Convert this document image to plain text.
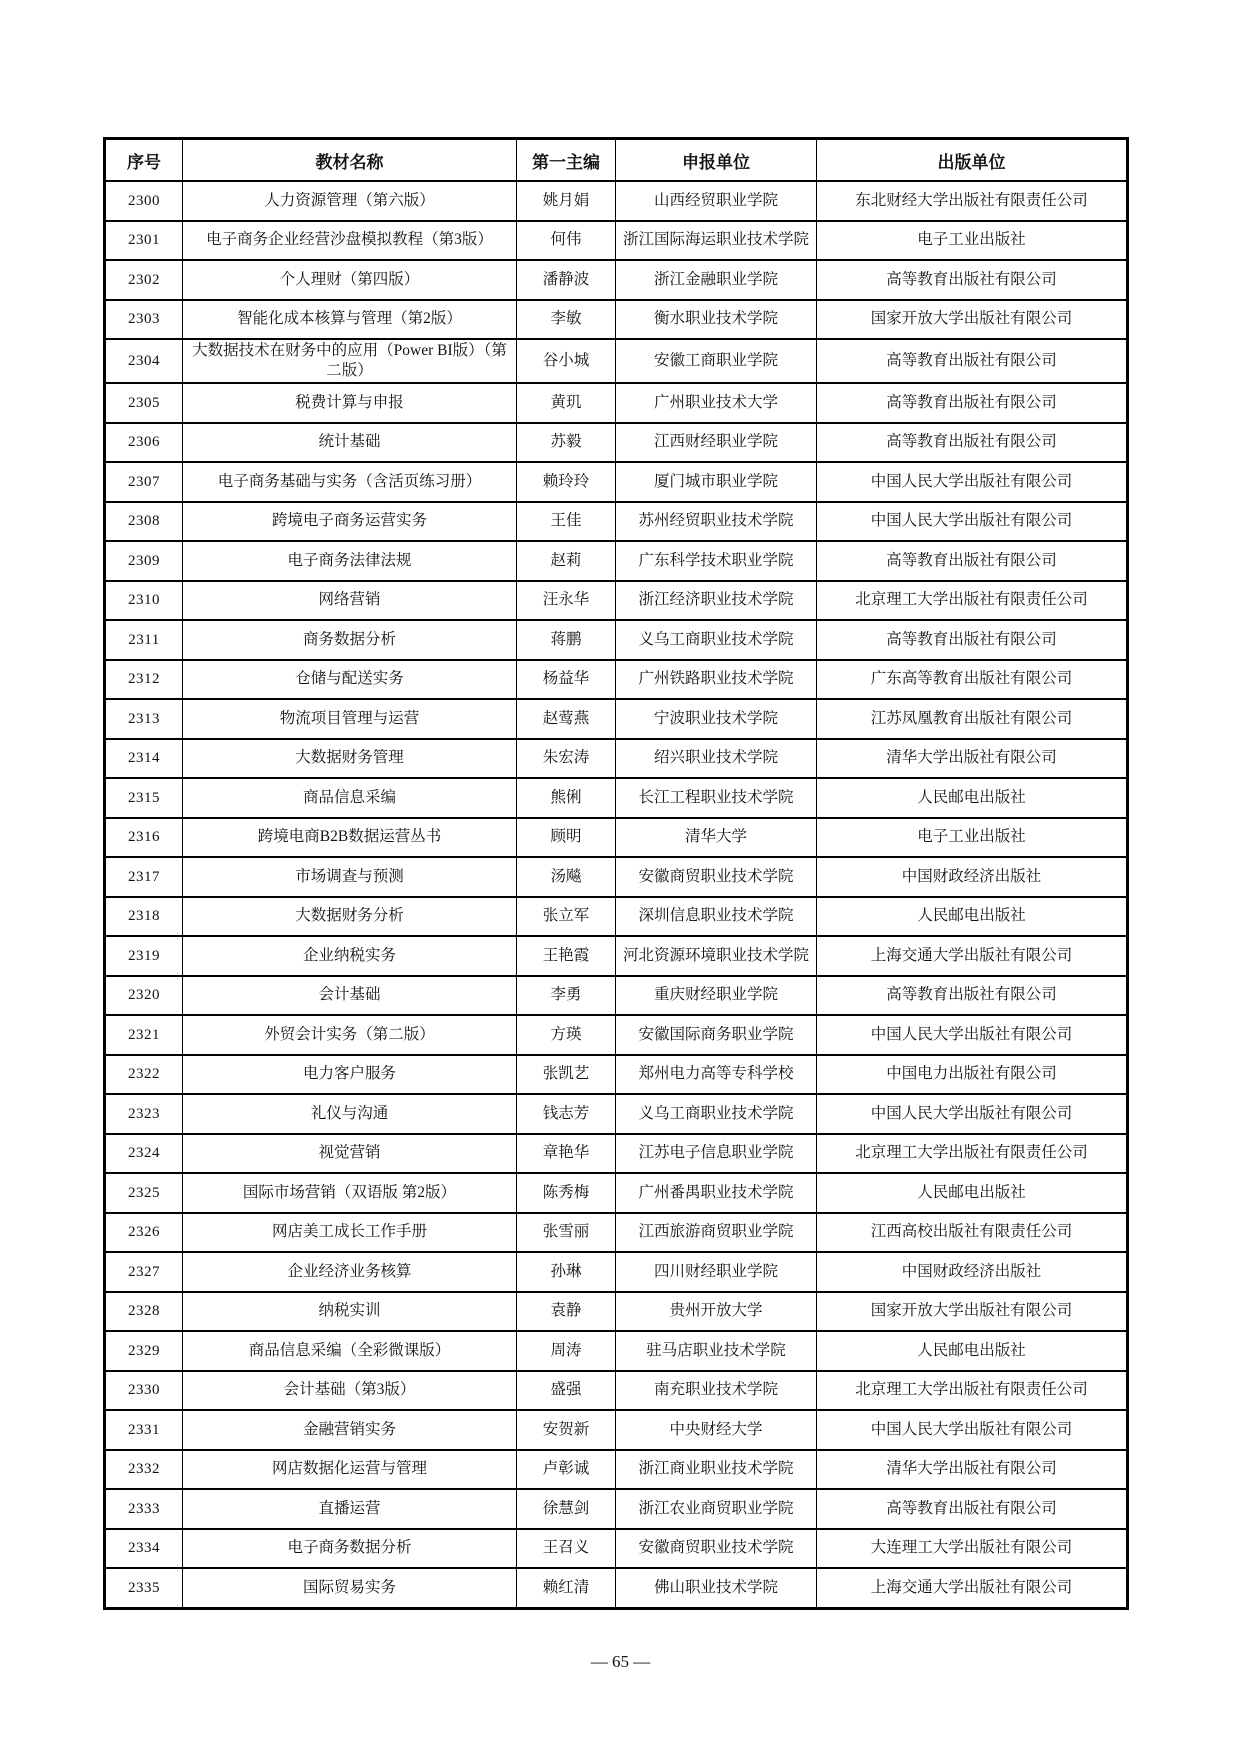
序号	教材名称	第一主编	申报单位	出版单位
2300	人力资源管理（第六版）	姚月娟	山西经贸职业学院	东北财经大学出版社有限责任公司
2301	电子商务企业经营沙盘模拟教程（第3版）	何伟	浙江国际海运职业技术学院	电子工业出版社
2302	个人理财（第四版）	潘静波	浙江金融职业学院	高等教育出版社有限公司
2303	智能化成本核算与管理（第2版）	李敏	衡水职业技术学院	国家开放大学出版社有限公司
2304	大数据技术在财务中的应用（Power BI版）（第二版）	谷小城	安徽工商职业学院	高等教育出版社有限公司
2305	税费计算与申报	黄玑	广州职业技术大学	高等教育出版社有限公司
2306	统计基础	苏毅	江西财经职业学院	高等教育出版社有限公司
2307	电子商务基础与实务（含活页练习册）	赖玲玲	厦门城市职业学院	中国人民大学出版社有限公司
2308	跨境电子商务运营实务	王佳	苏州经贸职业技术学院	中国人民大学出版社有限公司
2309	电子商务法律法规	赵莉	广东科学技术职业学院	高等教育出版社有限公司
2310	网络营销	汪永华	浙江经济职业技术学院	北京理工大学出版社有限责任公司
2311	商务数据分析	蒋鹏	义乌工商职业技术学院	高等教育出版社有限公司
2312	仓储与配送实务	杨益华	广州铁路职业技术学院	广东高等教育出版社有限公司
2313	物流项目管理与运营	赵莺燕	宁波职业技术学院	江苏凤凰教育出版社有限公司
2314	大数据财务管理	朱宏涛	绍兴职业技术学院	清华大学出版社有限公司
2315	商品信息采编	熊俐	长江工程职业技术学院	人民邮电出版社
2316	跨境电商B2B数据运营丛书	顾明	清华大学	电子工业出版社
2317	市场调查与预测	汤飚	安徽商贸职业技术学院	中国财政经济出版社
2318	大数据财务分析	张立军	深圳信息职业技术学院	人民邮电出版社
2319	企业纳税实务	王艳霞	河北资源环境职业技术学院	上海交通大学出版社有限公司
2320	会计基础	李勇	重庆财经职业学院	高等教育出版社有限公司
2321	外贸会计实务（第二版）	方瑛	安徽国际商务职业学院	中国人民大学出版社有限公司
2322	电力客户服务	张凯艺	郑州电力高等专科学校	中国电力出版社有限公司
2323	礼仪与沟通	钱志芳	义乌工商职业技术学院	中国人民大学出版社有限公司
2324	视觉营销	章艳华	江苏电子信息职业学院	北京理工大学出版社有限责任公司
2325	国际市场营销（双语版 第2版）	陈秀梅	广州番禺职业技术学院	人民邮电出版社
2326	网店美工成长工作手册	张雪丽	江西旅游商贸职业学院	江西高校出版社有限责任公司
2327	企业经济业务核算	孙琳	四川财经职业学院	中国财政经济出版社
2328	纳税实训	袁静	贵州开放大学	国家开放大学出版社有限公司
2329	商品信息采编（全彩微课版）	周涛	驻马店职业技术学院	人民邮电出版社
2330	会计基础（第3版）	盛强	南充职业技术学院	北京理工大学出版社有限责任公司
2331	金融营销实务	安贺新	中央财经大学	中国人民大学出版社有限公司
2332	网店数据化运营与管理	卢彰诚	浙江商业职业技术学院	清华大学出版社有限公司
2333	直播运营	徐慧剑	浙江农业商贸职业学院	高等教育出版社有限公司
2334	电子商务数据分析	王召义	安徽商贸职业技术学院	大连理工大学出版社有限公司
2335	国际贸易实务	赖红清	佛山职业技术学院	上海交通大学出版社有限公司
— 65 —
